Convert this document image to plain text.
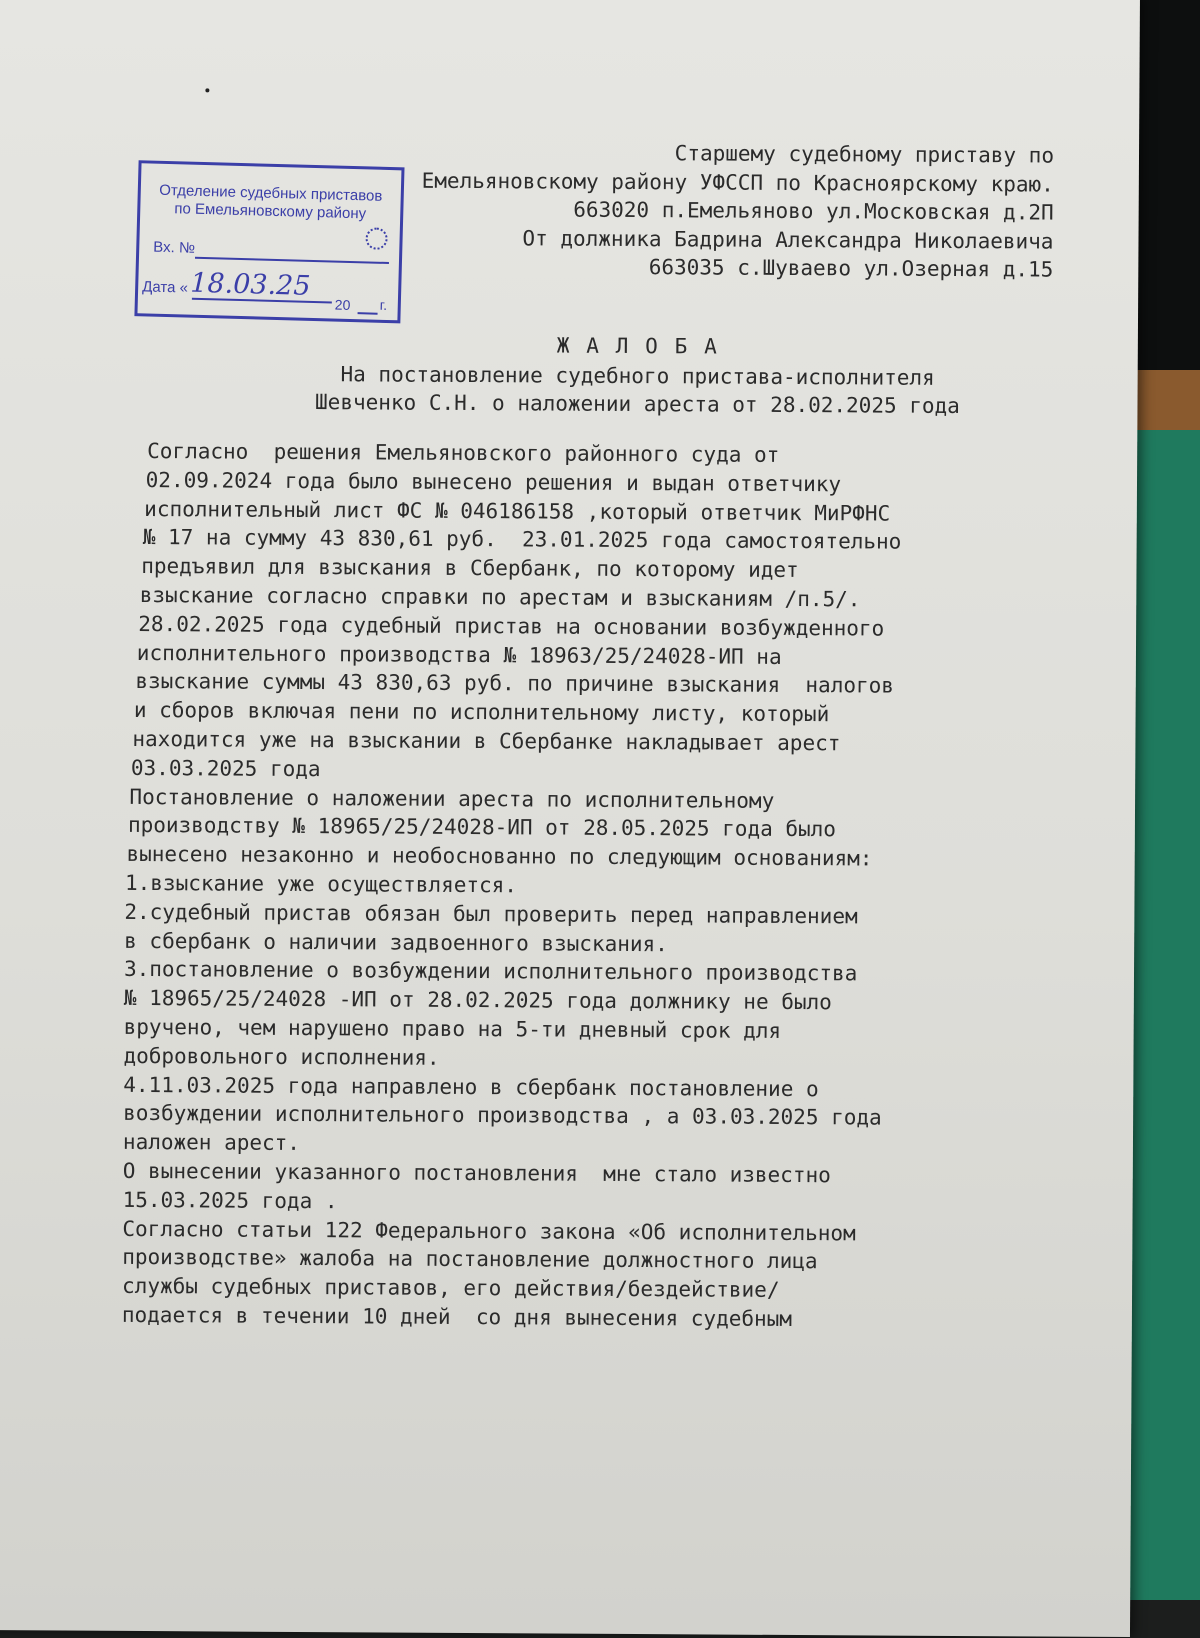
Старшему судебному приставу по
Емельяновскому району УФССП по Красноярскому краю.
663020 п.Емельяново ул.Московская д.2П
От должника Бадрина Александра Николаевича
663035 с.Шуваево ул.Озерная д.15
Отделение судебных приставов
по Емельяновскому району
Вх. №
Дата « 18.03.25
20 г.
Ж А Л О Б А
На постановление судебного пристава-исполнителя
Шевченко С.Н. о наложении ареста от 28.02.2025 года
Согласно  решения Емельяновского районного суда от
02.09.2024 года было вынесено решения и выдан ответчику
исполнительный лист ФС № 046186158 ,который ответчик МиРФНС
№ 17 на сумму 43 830,61 руб.  23.01.2025 года самостоятельно
предъявил для взыскания в Сбербанк, по которому идет
взыскание согласно справки по арестам и взысканиям /п.5/.
28.02.2025 года судебный пристав на основании возбужденного
исполнительного производства № 18963/25/24028-ИП на
взыскание суммы 43 830,63 руб. по причине взыскания  налогов
и сборов включая пени по исполнительному листу, который
находится уже на взыскании в Сбербанке накладывает арест
03.03.2025 года
Постановление о наложении ареста по исполнительному
производству № 18965/25/24028-ИП от 28.05.2025 года было
вынесено незаконно и необоснованно по следующим основаниям:
1.взыскание уже осуществляется.
2.судебный пристав обязан был проверить перед направлением
в сбербанк о наличии задвоенного взыскания.
3.постановление о возбуждении исполнительного производства
№ 18965/25/24028 -ИП от 28.02.2025 года должнику не было
вручено, чем нарушено право на 5-ти дневный срок для
добровольного исполнения.
4.11.03.2025 года направлено в сбербанк постановление о
возбуждении исполнительного производства , а 03.03.2025 года
наложен арест.
О вынесении указанного постановления  мне стало известно
15.03.2025 года .
Согласно статьи 122 Федерального закона «Об исполнительном
производстве» жалоба на постановление должностного лица
службы судебных приставов, его действия/бездействие/
подается в течении 10 дней  со дня вынесения судебным
